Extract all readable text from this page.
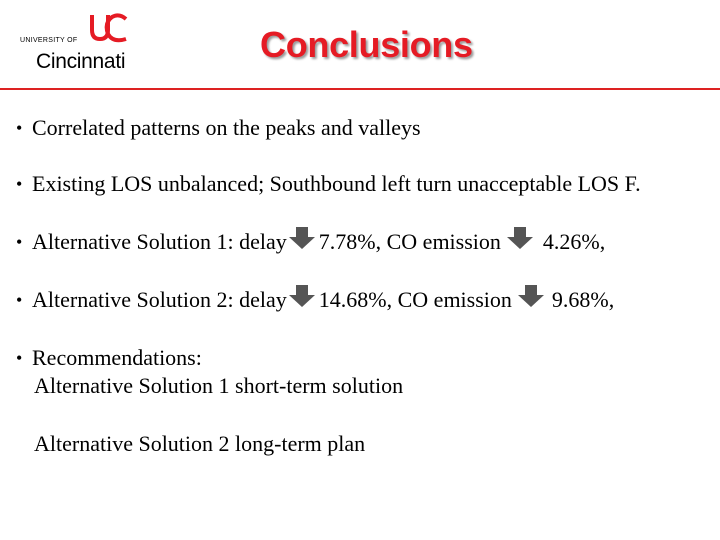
UNIVERSITY OF
Cincinnati	Conclusions
• Correlated patterns on the peaks and valleys
• Existing LOS unbalanced; Southbound left turn unacceptable LOS F.
• Alternative Solution 1: delay 7.78%, CO emission 4.26%,
• Alternative Solution 2: delay 14.68%, CO emission 9.68%,
• Recommendations:
Alternative Solution 1 short-term solution
Alternative Solution 2 long-term plan
